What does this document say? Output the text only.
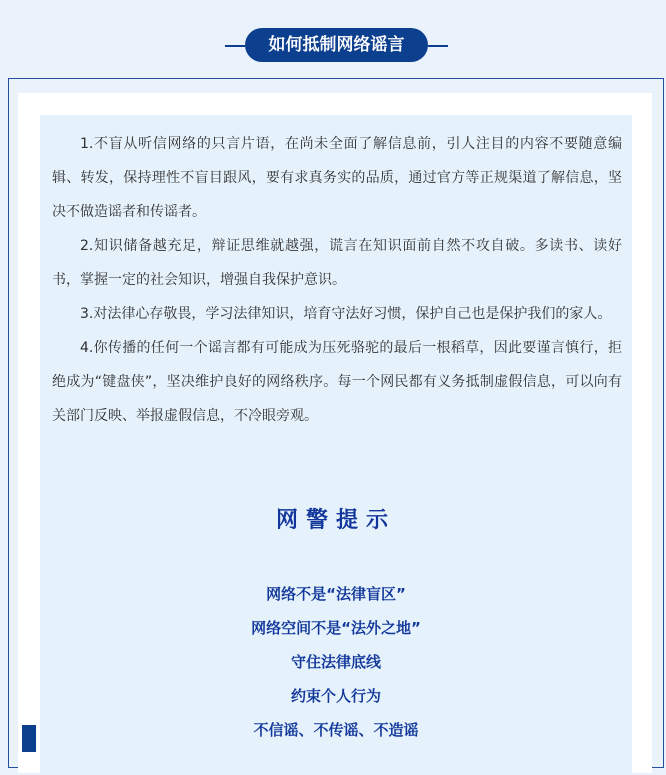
如何抵制网络谣言

1.不盲从听信网络的只言片语，在尚未全面了解信息前，引人注目的内容不要随意编辑、转发，保持理性不盲目跟风，要有求真务实的品质，通过官方等正规渠道了解信息，坚决不做造谣者和传谣者。

2.知识储备越充足，辩证思维就越强，谎言在知识面前自然不攻自破。多读书、读好书，掌握一定的社会知识，增强自我保护意识。

3.对法律心存敬畏，学习法律知识，培育守法好习惯，保护自己也是保护我们的家人。

4.你传播的任何一个谣言都有可能成为压死骆驼的最后一根稻草，因此要谨言慎行，拒绝成为“键盘侠”，坚决维护良好的网络秩序。每一个网民都有义务抵制虚假信息，可以向有关部门反映、举报虚假信息，不冷眼旁观。

网警提示
网络不是“法律盲区”
网络空间不是“法外之地”
守住法律底线
约束个人行为
不信谣、不传谣、不造谣
